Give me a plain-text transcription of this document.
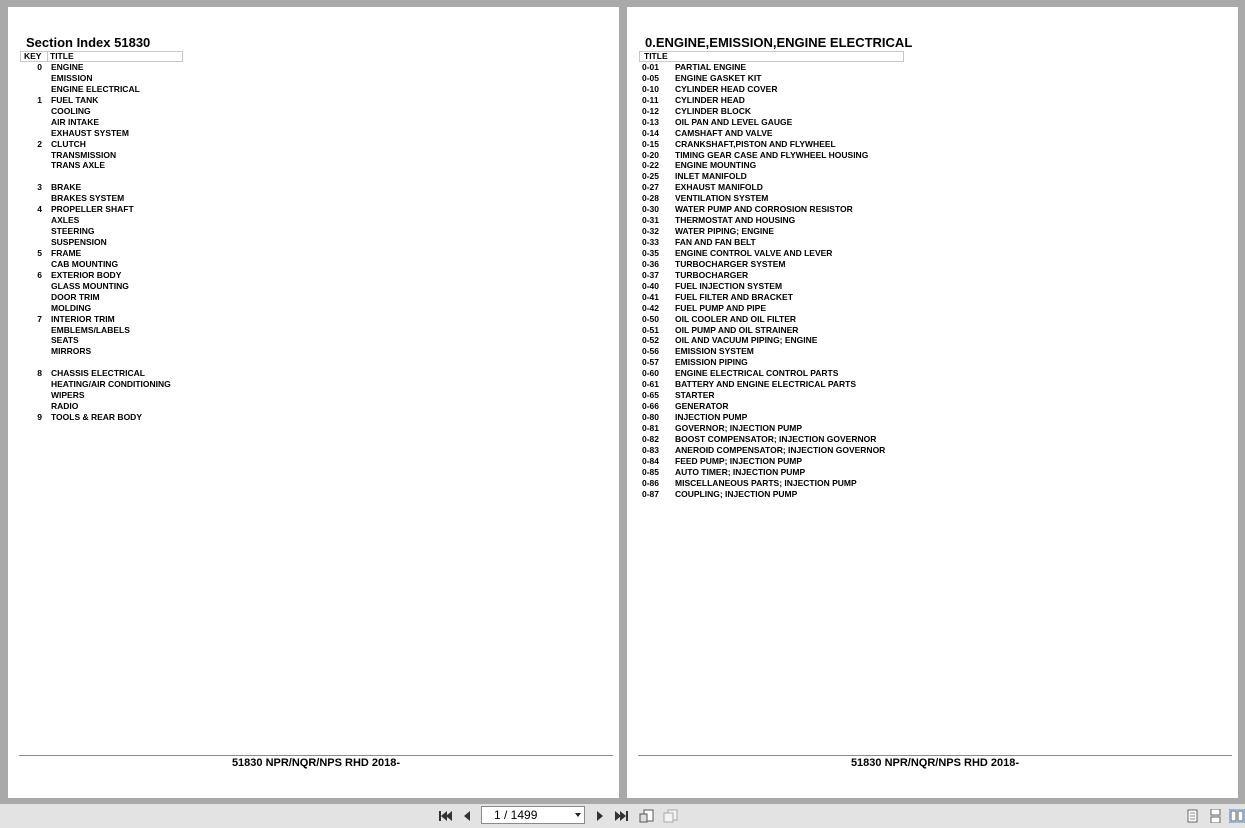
Section Index 51830
KEY TITLE
0 ENGINE
EMISSION
ENGINE ELECTRICAL
1 FUEL TANK
COOLING
AIR INTAKE
EXHAUST SYSTEM
2 CLUTCH
TRANSMISSION
TRANS AXLE
3 BRAKE
BRAKES SYSTEM
4 PROPELLER SHAFT
AXLES
STEERING
SUSPENSION
5 FRAME
CAB MOUNTING
6 EXTERIOR BODY
GLASS MOUNTING
DOOR TRIM
MOLDING
7 INTERIOR TRIM
EMBLEMS/LABELS
SEATS
MIRRORS
8 CHASSIS ELECTRICAL
HEATING/AIR CONDITIONING
WIPERS
RADIO
9 TOOLS & REAR BODY
51830 NPR/NQR/NPS RHD 2018-
0.ENGINE,EMISSION,ENGINE ELECTRICAL
TITLE
0-01 PARTIAL ENGINE
0-05 ENGINE GASKET KIT
0-10 CYLINDER HEAD COVER
0-11 CYLINDER HEAD
0-12 CYLINDER BLOCK
0-13 OIL PAN AND LEVEL GAUGE
0-14 CAMSHAFT AND VALVE
0-15 CRANKSHAFT,PISTON AND FLYWHEEL
0-20 TIMING GEAR CASE AND FLYWHEEL HOUSING
0-22 ENGINE MOUNTING
0-25 INLET MANIFOLD
0-27 EXHAUST MANIFOLD
0-28 VENTILATION SYSTEM
0-30 WATER PUMP AND CORROSION RESISTOR
0-31 THERMOSTAT AND HOUSING
0-32 WATER PIPING; ENGINE
0-33 FAN AND FAN BELT
0-35 ENGINE CONTROL VALVE AND LEVER
0-36 TURBOCHARGER SYSTEM
0-37 TURBOCHARGER
0-40 FUEL INJECTION SYSTEM
0-41 FUEL FILTER AND BRACKET
0-42 FUEL PUMP AND PIPE
0-50 OIL COOLER AND OIL FILTER
0-51 OIL PUMP AND OIL STRAINER
0-52 OIL AND VACUUM PIPING; ENGINE
0-56 EMISSION SYSTEM
0-57 EMISSION PIPING
0-60 ENGINE ELECTRICAL CONTROL PARTS
0-61 BATTERY AND ENGINE ELECTRICAL PARTS
0-65 STARTER
0-66 GENERATOR
0-80 INJECTION PUMP
0-81 GOVERNOR; INJECTION PUMP
0-82 BOOST COMPENSATOR; INJECTION GOVERNOR
0-83 ANEROID COMPENSATOR; INJECTION GOVERNOR
0-84 FEED PUMP; INJECTION PUMP
0-85 AUTO TIMER; INJECTION PUMP
0-86 MISCELLANEOUS PARTS; INJECTION PUMP
0-87 COUPLING; INJECTION PUMP
51830 NPR/NQR/NPS RHD 2018-
1 / 1499
